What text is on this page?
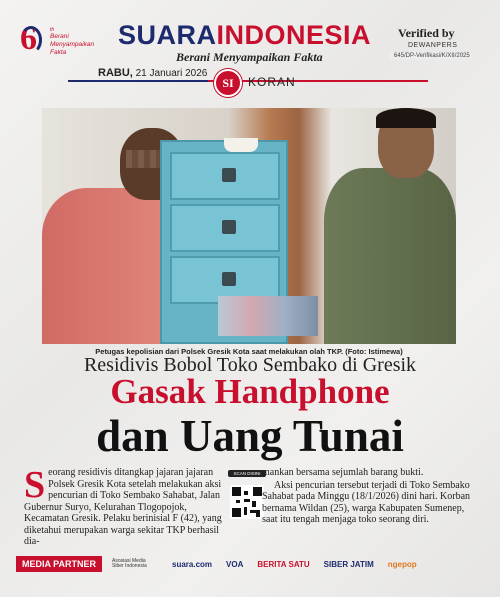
6	th
Berani
Menyampaikan
Fakta
SUARAINDONESIA
Berani Menyampaikan Fakta
Verified by
DEWANPERS
645/DP-Verifikasi/K/XII/2025
RABU, 21 Januari 2026
SI	KORAN
Petugas kepolisian dari Polsek Gresik Kota saat melakukan olah TKP. (Foto: Istimewa)
Residivis Bobol Toko Sembako di Gresik
Gasak Handphone
dan Uang Tunai
S eorang residivis ditangkap jajaran jajaran Polsek Gresik Kota setelah melakukan aksi pencurian di Toko Sembako Sahabat, Jalan Gubernur Suryo, Kelurahan Tlogopojok, Kecamatan Gresik. Pelaku berinisial F (42), yang diketahui merupakan warga sekitar TKP berhasil dia-
SCAN DISINI mankan bersama sejumlah barang bukti.

Aksi pencurian tersebut terjadi di Toko Sembako Sahabat pada Minggu (18/1/2026) dini hari. Korban bernama Wildan (25), warga Kabupaten Sumenep, saat itu tengah menjaga toko seorang diri.

MEDIA PARTNER	Asosiasi Media Siber Indonesia	suara.com VOA BERITA SATU SIBER JATIM ngepop
